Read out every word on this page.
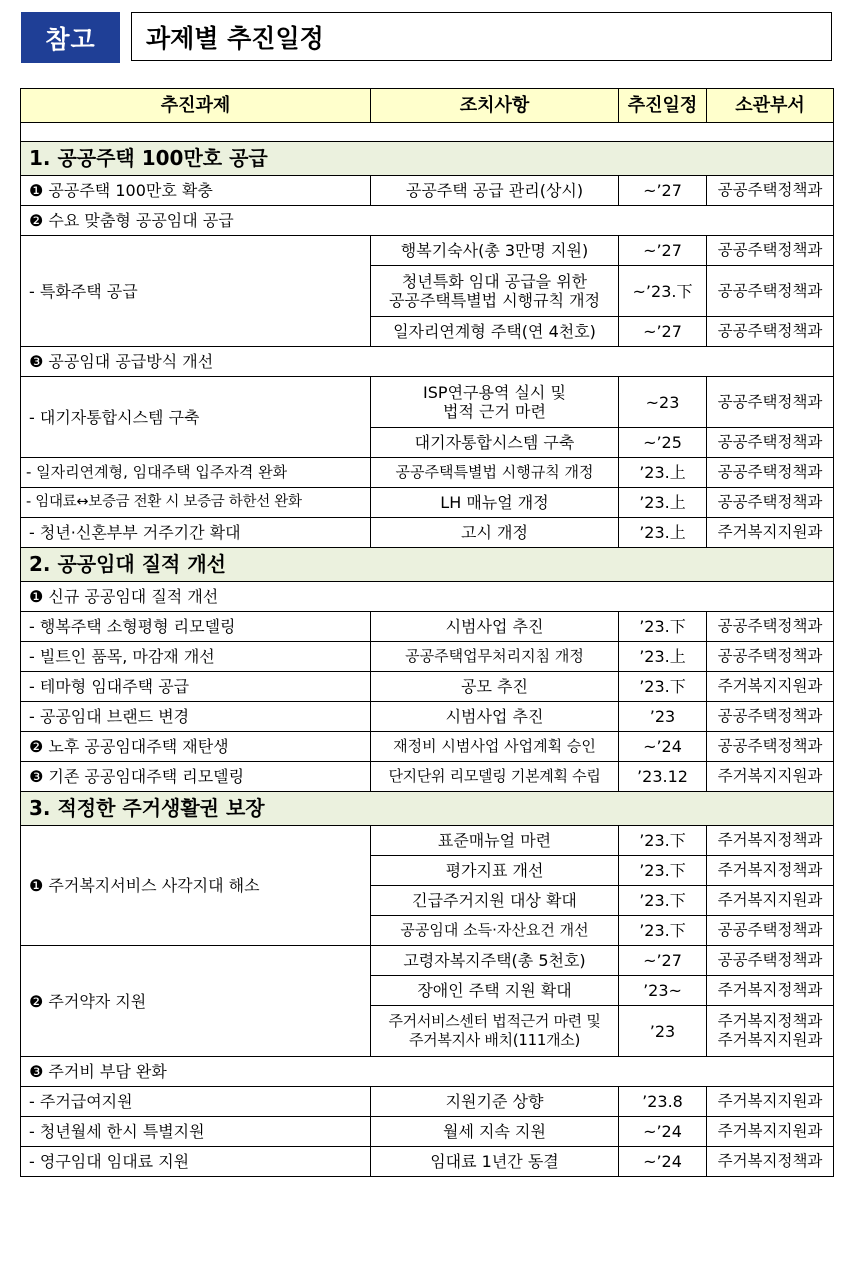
참고	과제별 추진일정
추진과제	조치사항	추진일정	소관부서

1. 공공주택 100만호 공급			
❶ 공공주택 100만호 확충	공공주택 공급 관리(상시)	~’27	공공주택정책과
❷ 수요 맞춤형 공공임대 공급			
- 특화주택 공급	행복기숙사(총 3만명 지원)	~’27	공공주택정책과
	청년특화 임대 공급을 위한
공공주택특별법 시행규칙 개정	~’23.下	공공주택정책과
	일자리연계형 주택(연 4천호)	~’27	공공주택정책과
❸ 공공임대 공급방식 개선			
- 대기자통합시스템 구축	ISP연구용역 실시 및
법적 근거 마련	~23	공공주택정책과
	대기자통합시스템 구축	~’25	공공주택정책과
- 일자리연계형, 임대주택 입주자격 완화	공공주택특별법 시행규칙 개정	’23.上	공공주택정책과
- 임대료↔보증금 전환 시 보증금 하한선 완화	LH 매뉴얼 개정	’23.上	공공주택정책과
- 청년·신혼부부 거주기간 확대	고시 개정	’23.上	주거복지지원과
2. 공공임대 질적 개선			
❶ 신규 공공임대 질적 개선			
- 행복주택 소형평형 리모델링	시범사업 추진	’23.下	공공주택정책과
- 빌트인 품목, 마감재 개선	공공주택업무처리지침 개정	’23.上	공공주택정책과
- 테마형 임대주택 공급	공모 추진	’23.下	주거복지지원과
- 공공임대 브랜드 변경	시범사업 추진	’23	공공주택정책과
❷ 노후 공공임대주택 재탄생	재정비 시범사업 사업계획 승인	~’24	공공주택정책과
❸ 기존 공공임대주택 리모델링	단지단위 리모델링 기본계획 수립	’23.12	주거복지지원과
3. 적정한 주거생활권 보장			
❶ 주거복지서비스 사각지대 해소	표준매뉴얼 마련	’23.下	주거복지정책과
	평가지표 개선	’23.下	주거복지정책과
	긴급주거지원 대상 확대	’23.下	주거복지지원과
	공공임대 소득·자산요건 개선	’23.下	공공주택정책과
❷ 주거약자 지원	고령자복지주택(총 5천호)	~’27	공공주택정책과
	장애인 주택 지원 확대	’23~	주거복지정책과
	주거서비스센터 법적근거 마련 및
주거복지사 배치(111개소)	’23	주거복지정책과
주거복지지원과
❸ 주거비 부담 완화			
- 주거급여지원	지원기준 상향	’23.8	주거복지지원과
- 청년월세 한시 특별지원	월세 지속 지원	~’24	주거복지지원과
- 영구임대 임대료 지원	임대료 1년간 동결	~’24	주거복지정책과
